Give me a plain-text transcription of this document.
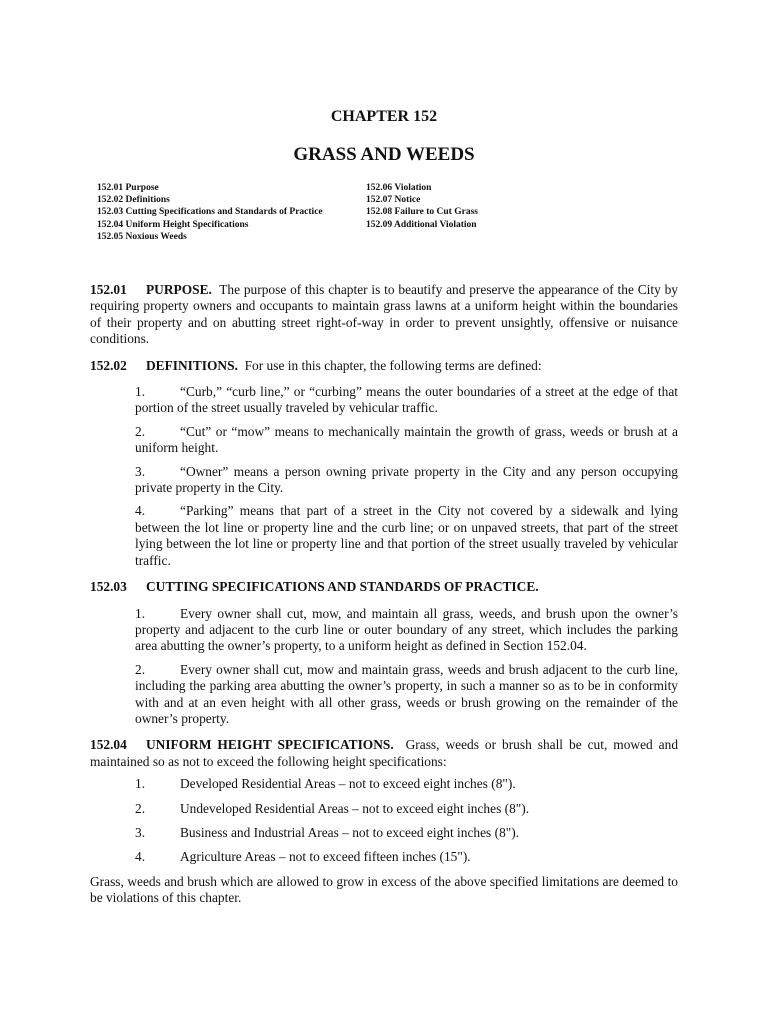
CHAPTER 152
GRASS AND WEEDS
152.01 Purpose
152.02 Definitions
152.03 Cutting Specifications and Standards of Practice
152.04 Uniform Height Specifications
152.05 Noxious Weeds
152.06 Violation
152.07 Notice
152.08 Failure to Cut Grass
152.09 Additional Violation

152.01 PURPOSE. The purpose of this chapter is to beautify and preserve the appearance of the City by requiring property owners and occupants to maintain grass lawns at a uniform height within the boundaries of their property and on abutting street right-of-way in order to prevent unsightly, offensive or nuisance conditions.

152.02 DEFINITIONS. For use in this chapter, the following terms are defined:

1.	“Curb,” “curb line,” or “curbing” means the outer boundaries of a street at the edge of that portion of the street usually traveled by vehicular traffic.

2.	“Cut” or “mow” means to mechanically maintain the growth of grass, weeds or brush at a uniform height.

3.	“Owner” means a person owning private property in the City and any person occupying private property in the City.

4.	“Parking” means that part of a street in the City not covered by a sidewalk and lying between the lot line or property line and the curb line; or on unpaved streets, that part of the street lying between the lot line or property line and that portion of the street usually traveled by vehicular traffic.

152.03 CUTTING SPECIFICATIONS AND STANDARDS OF PRACTICE.

1.	Every owner shall cut, mow, and maintain all grass, weeds, and brush upon the owner’s property and adjacent to the curb line or outer boundary of any street, which includes the parking area abutting the owner’s property, to a uniform height as defined in Section 152.04.

2.	Every owner shall cut, mow and maintain grass, weeds and brush adjacent to the curb line, including the parking area abutting the owner’s property, in such a manner so as to be in conformity with and at an even height with all other grass, weeds or brush growing on the remainder of the owner’s property.

152.04 UNIFORM HEIGHT SPECIFICATIONS. Grass, weeds or brush shall be cut, mowed and maintained so as not to exceed the following height specifications:

1.	Developed Residential Areas – not to exceed eight inches (8").
2.	Undeveloped Residential Areas – not to exceed eight inches (8").
3.	Business and Industrial Areas – not to exceed eight inches (8").
4.	Agriculture Areas – not to exceed fifteen inches (15").

Grass, weeds and brush which are allowed to grow in excess of the above specified limitations are deemed to be violations of this chapter.
